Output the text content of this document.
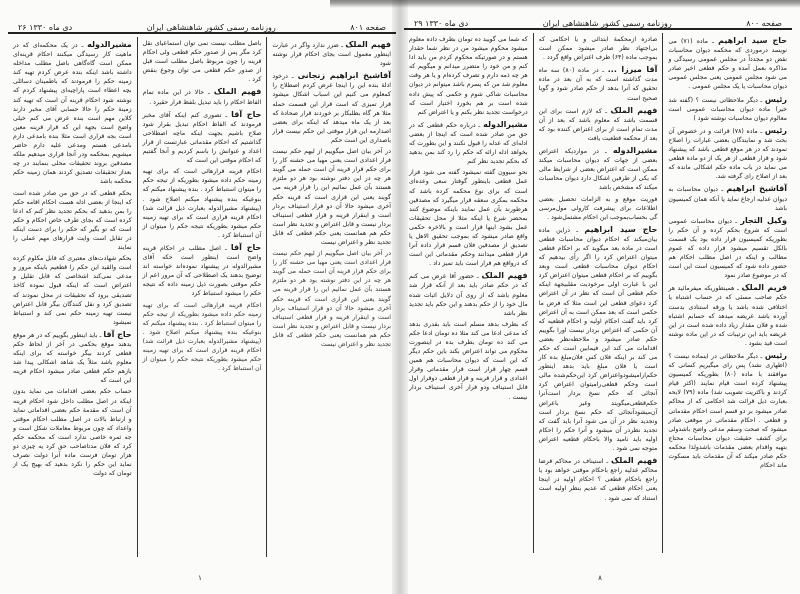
۲۶ دی ماه ۱۳۳۰	روزنامه رسمی کشور شاهنشاهی ایران	صفحه ۸۰۱

فهیم الملک ـ ضرر ندارد واگر در عبارت اینطور معمول است بجای احکام قرار نوشته شود

آقاشیخ ابراهیم زنجانی ـ درخود ادلهٔ بنده این را اینجا عرض کردم اصطلاح را کمعلوم می کنیم این اسباب اشکال میشود قرار تمیزی که است قرار این قسمت حمله مثلا هر گاه بطلبکار بر خوردند قرار صحادة که بعد از یک ماه میدهد که اینکه برای بعضی اصدارمه این قرار موقتی این حکم نیست قرار باصداری این است حکم

در آخر بیان اصل میگوییم از لیهم حکم نیست قرار اعدادی است یعنی مهیا می حشنه کار را برای حکم قرار قرینه آن است حمله می گویند هر چه در این دفتر نوشته بود هر دو ملتزم هستند بآن عمل نمائیم این را قرار قرینه می گویند یعنی این قراری است که قرینه حکم آخری میشود حالا آن دو قرار استیناف بردار است و اینقرار قرینه و قرار قطعی استیناف بردار نیست و قابل اعتراض و تجدید نظر است حکم هم همانست یعنی حکم قطعی که قابل تجدید نظر و اعتراض نیست

در آخر بیان اصل میگوییم از لیهم حکم نیست قرار اعدادی است یعنی مهیا می حشنه کار را برای حکم قرار قرینه آن است حمله می گویند هر چه در این دفتر نوشته بود هر دو ملتزم هستند بآن عمل نمائیم این را قرار قرینه می گویند یعنی این قراری است که قرینه حکم آخری میشود حالا آن دو قرار استیناف بردار است و اینقرار قرینه و قرار قطعی استیناف بردار نیست و قابل اعتراض و تجدید نظر است حکم هم همانست یعنی حکم قطعی که قابل تجدید نظر و اعتراض نیست

باصل مطلب نیست نمی توان استماعیای نقل کرد مگر پس از صدور حکم قطعی ولی احکام قرینه را چون مربوط باصل مطلب است قبل از صدور حکم قطعی می توان وجوع بنقض کرد .

فهیم الملک ـ حالا در این ماده تمام الفاظ احکام را باید تبدیل بلفظ قرار حقیرد .

حاج آقا ـ تصوری کنم اینکه آقای مخبر فرمودند که الفاظ احکام تبدیل بقرار شود صلاح باشیم بجهت اینکه ماچه اصطلاحی گذاشتیم که احکام مقدماتی عبارتست از قرار اعداد و عنوانش را باسم کردیم و آنجا گفتیم که احکام موقتی این است که

احکام قرینه قرارهائی است که برای تهیه زمینه حکم داده میشود بطوریکه از تیجه حکم را میتوان استنباط کرد . بنده پیشنهاد میکنم که بنوعیکه بنده پیشنهاد میکنم اصلاح شود . (پیشنهاد مشیرالدوله بعبارت ذیل قرائت شد) احکام قرینه قراری است که برای تهیه زمینه حکم میشود بطوریکه نتیجه حکم را میتوان از آن استنباط کرد .

حاج آقا ـ اصل مطلب در احکام قرینه واضح است اینطور است حکه آقای مشیرالدوله در پیشنهاد نموده‌اند خواسته اند توضیح بدهند یک اصطلاحی که آن مرور اعم از حکم موقتی بصورت ذیل زمینه داده که نتیجه حکم را میشود استنباط کرد

احکام قرینه قرارهائی است که برای تهیه زمینه حکم داده میشود بطوریکه از تیجه حکم را میتوان استنباط کرد . بنده پیشنهاد میکنم که بنوعیکه بنده پیشنهاد میکنم اصلاح شود . (پیشنهاد مشیرالدوله بعبارت ذیل قرائت شد) احکام قرینه قراری است که برای تهیه زمینه حکم میشود بطوریکه نتیجه حکم را میتوان از آن استنباط کرد .

مشیرالدوله ـ در یک محکمه‌ای که در ماهیت کار رسیدگی میکنند احکام قرینه‌ای ممکن است گاه‌گاهی باصل مطلب مداخله داشته باشد اینکه بنده عرض کردم تهیه کند زمینه حکم را فرمودند که باطمینان دسائلی بچه اعطاء است پاراچیه‌ای پیشنهاد کردم که نوشته شود احکام قرینه آن است که تهیه کند زمینهٔ حکم را حالا حسابی آقای مخبر دارند کلاین مهم است بنده عرض می کنم خیلی واضح است بجهة این که قرار قرینه معین است بجه قراری است مثلا بنده بامدعی دارم بامدعی هستم ومدعی علیه دارم حاضر میشویم بمحکمه ودر آنجا قراری میدهیم ملکه مصدقین بروند تحقیقات محلی بنمایند در چه بعداز تحقیقات تصدیق کردند همان زمینه حکم محکمه باشد

بحکم قطعی که در حق من صادر شده است که اینجا از بعضی ادله هست احکام اقامه حکم را بمن بدهید که بحکم تجدید نظر کنم که ادعا کرده است که بجای طرف خاص احکام و حکم است که تو بگیر که حکم را برای دست اینکه در تقابل است وایت قرارهای مهم عملی را نمایند

بحکم شهادت‌های معتبری که قابل مکلوم کرده است والقید این حکم را قطعیم باینکه مرور و مدعی نمی‌کند اشخاصی که قابل تقلیل و اعتراض است که اینکه قبول نموده کاخذ تصدیقی برود که تحقیقات در محل نمودند که تصدیق کرد و نقل کنندگان بیگر قابل اعتراض نیست تهیه زمینه حکم نمی کند و استنباط نمیشود

حاج آقا ـ باید اینطور بگوییم که در هر موقع بدهند موقع بحکمی در آخر از لحاظ حکم قطعی کردند بیگر خواسته که برای اینکه معلوم باشد مثلاً یک شاهد اشکالی پیدا شد بازهم حکم قطعی صادر میشود احکام قرینه این است که

حساب حکم بعضی اقدامات می نماید بدون اینکه در اصل مطلب داخل شود احکام قرینه آن است که مقدمهٔ حکم بعضی اقداماتی نماید و ارتباط بالات در اصل مطلب احکام موقتی واعداد که چون مربوط معاملات شکل است و جه ثمره خاصی ندارد است که محکمه حکم کرد که فلان مدتاصاحب حق کرد یه چیزی دو هزار تومان فرست ماده آنرا دولت نصرف نماید این حکم را نکرد بدهید که بهیج یک از تومان که دولت

۱
۲۹ دی ماه ۱۳۳۰	روزنامه رسمی کشور شاهنشاهی ایران	صفحه ۸۰۰

حاج سید ابراهیم ـ ماده (۷۱) می نویسد درموردی که محکمه دیوان محاسبات نقض دو مجدداً در مجلس عمومی رسیدگی و مذاکره بعمل آمده و حکم قطعی اخیر صادر می شود مجلس عمومی یعنی مجلس عمومی دیوان محاسبات یا یک مجلس عمومی .

رئیس ـ دیگر ملاحظاتی نیست ؟ (گفته شد خیر) ماده دیوان محاسبات عمومی است معالوم دیوان محاسبات نوشته شود )

رئیس ـ ماده (۷۸) قرائت و در خصوص آن بحث شد و نمایندگان بعضی عبارات را اصلاح نمودند که در هر موقع قطعی باشد که پیشنهاد شود و قرار قطعی از هر یک از دو ماده قطعی می نماید در باب ماده حکم اشکالی مانده که بعد از اصلاح رای گرفته شد.

آقاشیخ ابراهیم ـ دیوان محاسبات به دیوان عدلیه ارجاع نماید یا آنکه همان کمیسیون باشد

وکیل التجار ـ دیوان محاسبات عمومی است که شروع بحکم کرده و آن حکم را بطوریکه کمیسیون قرار داده بود یک قسمت بالکل تقسیم میشود قرار داده که عموم مطالب و اینکه در اصل مطلب احکام هم حضور داده شود که کمیسیون است این است که در موضوع صادر نمود

فریم الملک ـ همینطوریکه میفرمائید هر حکم صاحب مسئی که در حساب اشتباه یا اختلافی شده باشد یا ورقه استنادی بدست آورده باشد عریضه میدهد که حسابم اشتباه شده و فلان مقدار زیاد داده شده است در این عریضه باید این ترتیبات که در این ماده نوشته است قید بشود .

رئیس ـ دیگر ملاحظاتی در اینماده نیست ؟ (اظهاری نشد) پس رای میگیریم کسانی که موافقند با ماده (۸۰) بطوریکه کمیسیون پیشنهاد کرده است قیام نمایند (اکثر قیام کردند و باکثریت تصویب شد) ماده (۷۹) لایحه بعبارت ذیل قرائت شد احکامی که از محاکم صادر میشود بر دو قسم است احکام مقدماتی و قطعی . احکام مقدماتی در موقعی صادر میشود که صحت وسقم مدعی واضح باشدولی برای کشف حقیقت دیوان محاسبات محتاج بتهیه واقدام بعضی مقدمات باشدولذا محکمه حکم صادر میکند که آن مقدمات باید مسکوت ماند احکام

صادره ازمحکمهٔ ابتدائی و یا احکامی که بی‌اجتهاد نظر صادر میشود ممکن است بموجب ماده (۶۴) طرف اعتراض واقع گردد .

آقا میرزا ... ـ در ماده (۸۰) سه ماه مدت گذاشته است که به آن بعد در ماده تحقیق که آنرا بدهد از حکم صادر شود و گویا صحیح است

فهیم الملک ـ که لازم است برای این قسمت باشد که معلوم باشد که بعد از آن مدت تمام است از برای اعتراض کننده بود که بعد از محکمه قطعیت یافت

مشیرالدوله ـ در مواردیکه اعتراض بعضی از جهات که دیوان محاسبات میکند ممکن است که اعتراض بعضی از شرایط مالی که یکی از طرفین اشکال دارد دیوان محاسبات میکند که مشخص باشد

فوریت موقع و به الزامات تحصیل بعضی اطلاعات برای پیشرفت کارولی مول‌مرسی گی بحساب‌بموجب این احکام مشتمل‌شود .

حاج سید ابراهیم ـ دراین ماده بیان‌میکند که احکام دیوان محاسبات قطعی است در ماده بعد میگوید که بر احکام قطعی میتوان اعتراض کرد را اگر رأی بیدهیم که احکام دیوان محاسبات قطعی است وبعد بگوییم که بر احکام قطعی میتوان اعتراض کرد این با عبارت اولی مرخودیت مقلبیجهة اینکه حکم قطعی آن است که نظر در آن اعتراض کرد دعوای قطعی این است مثلا که فرض ما حکمی است که بعد ممکن است به آن اعتراض کرد باید گفت احکام اولیه و احکام قطعیه که آن حکمی که اعتراض بردار نیست اورا بگوییم حکم صادر میشود و ملاحظه‌نظر بعضی اقدامات می کند این فیمابین است که حکم می کند بر اینکه فلان کس فلان‌مبلغ بده کار است یا فلان مبلغ باید بدهد اینطور حکم‌ارامیشودواعتراض کرد این‌حکم‌شده مالی است وحکم قطعی‌را‌میتوان اعتراض کرد آنجائی که حکم نسخ بردار است‌آنرا حکم‌قطعی‌میگویند وغیر باعراض آن‌میشودآنجائی که حکم نسخ بردار است وتجدید نظر در آن می شود آنرا باید گفت که تجدید نظردر آن میشود و آنرا حکم را احکام اولیه باید نامید والا باحکام قطعیه اعتراض متوجه نمی شود .

فهیم الملک ـ استیناف در محاکم قرضا محاکم عدلیه راجع باحکام موقتی خواهد بود یا راجع باحکام قطعی ؟ احکام اولیه در اینجا یعنی احکام قطعی که عدیم بنظر اولیه است استناد که نمی شود .

که شما می گویید ده تومان بطرف داده معلوم میشود محکوم میشود من در نظر شما حقدار هستم و در صورتیکه محکوم کردم من باید ادا کنم و من خود را متضرر میدانم و میگویم که هر چه ذمه دارم و تصرف کرده‌ام و یا هر وقت معلوم شد من که پسرم باشد میتوانم در دیوان محاسبات شاکی شوم و حکمی که پیش داده شده است بر هم بخورد اختیار است که درخواست تجدید نظر بکنم و یا اعتراض کنم

مشیرالدوله ـ درباره حکم قطعی که در حق من صادر شده است که اینجا از بعضی ادله‌ای که عدله را قبول نکنند و این بطورت که بخواهد ادله ارائه که حکم را رد کند بمن بدهید که بحکم تجدید نظر کنم

نحو سیوون گفته نمیشود گفته می شود قرار عمل قطعی باینطور گوفتار سعی وعده‌ای است که برای نوع محکمه کرده باشد که محکمه بمکری سعقه قرار میگیرد که مصدقین هرطورند بآن عمل نمایند باینکه موضوع کنند بمحضر شرع یا اینکه مثلا از محل تحقیقات عمل بشود اینها قرار است و بالاخره حکمی واقع صادر میشود که بموجب تحقیق الاهل یا تصدیق از مصدقین فلان قسم قرار داده آنرا قرار قطعی میدانند وحکم مقدماتی این است که درواقع هم قرار است باید تمیز داد .

فهیم الملک ـ حضور آقا عرض می کنم که در حکم صادر باید بعد از آنکه قرار شد معلوم باشد که از روی آن دلایل اثبات شده مال خود را از حکم بدهند و این حکم باید تجدید نظر باشد

که بطرف بدهد مسلم است باید بقدری بدهد که مدعی ادعا می کند مثلا ده تومان ادعا حکم می کند ده تومان بطرف بده در اینصورت محکوم می تواند اعتراض بکند باین حکم دیگر که این است که دیوان محاسبات هم همین قسم چهار قرار است قرار مقدماتی وقرار اعدادی و قرار قرینه و قرار قطعی دوقرار اول قابل استیناف ودو قرار آخری استیناف بردار نیست .

۸
